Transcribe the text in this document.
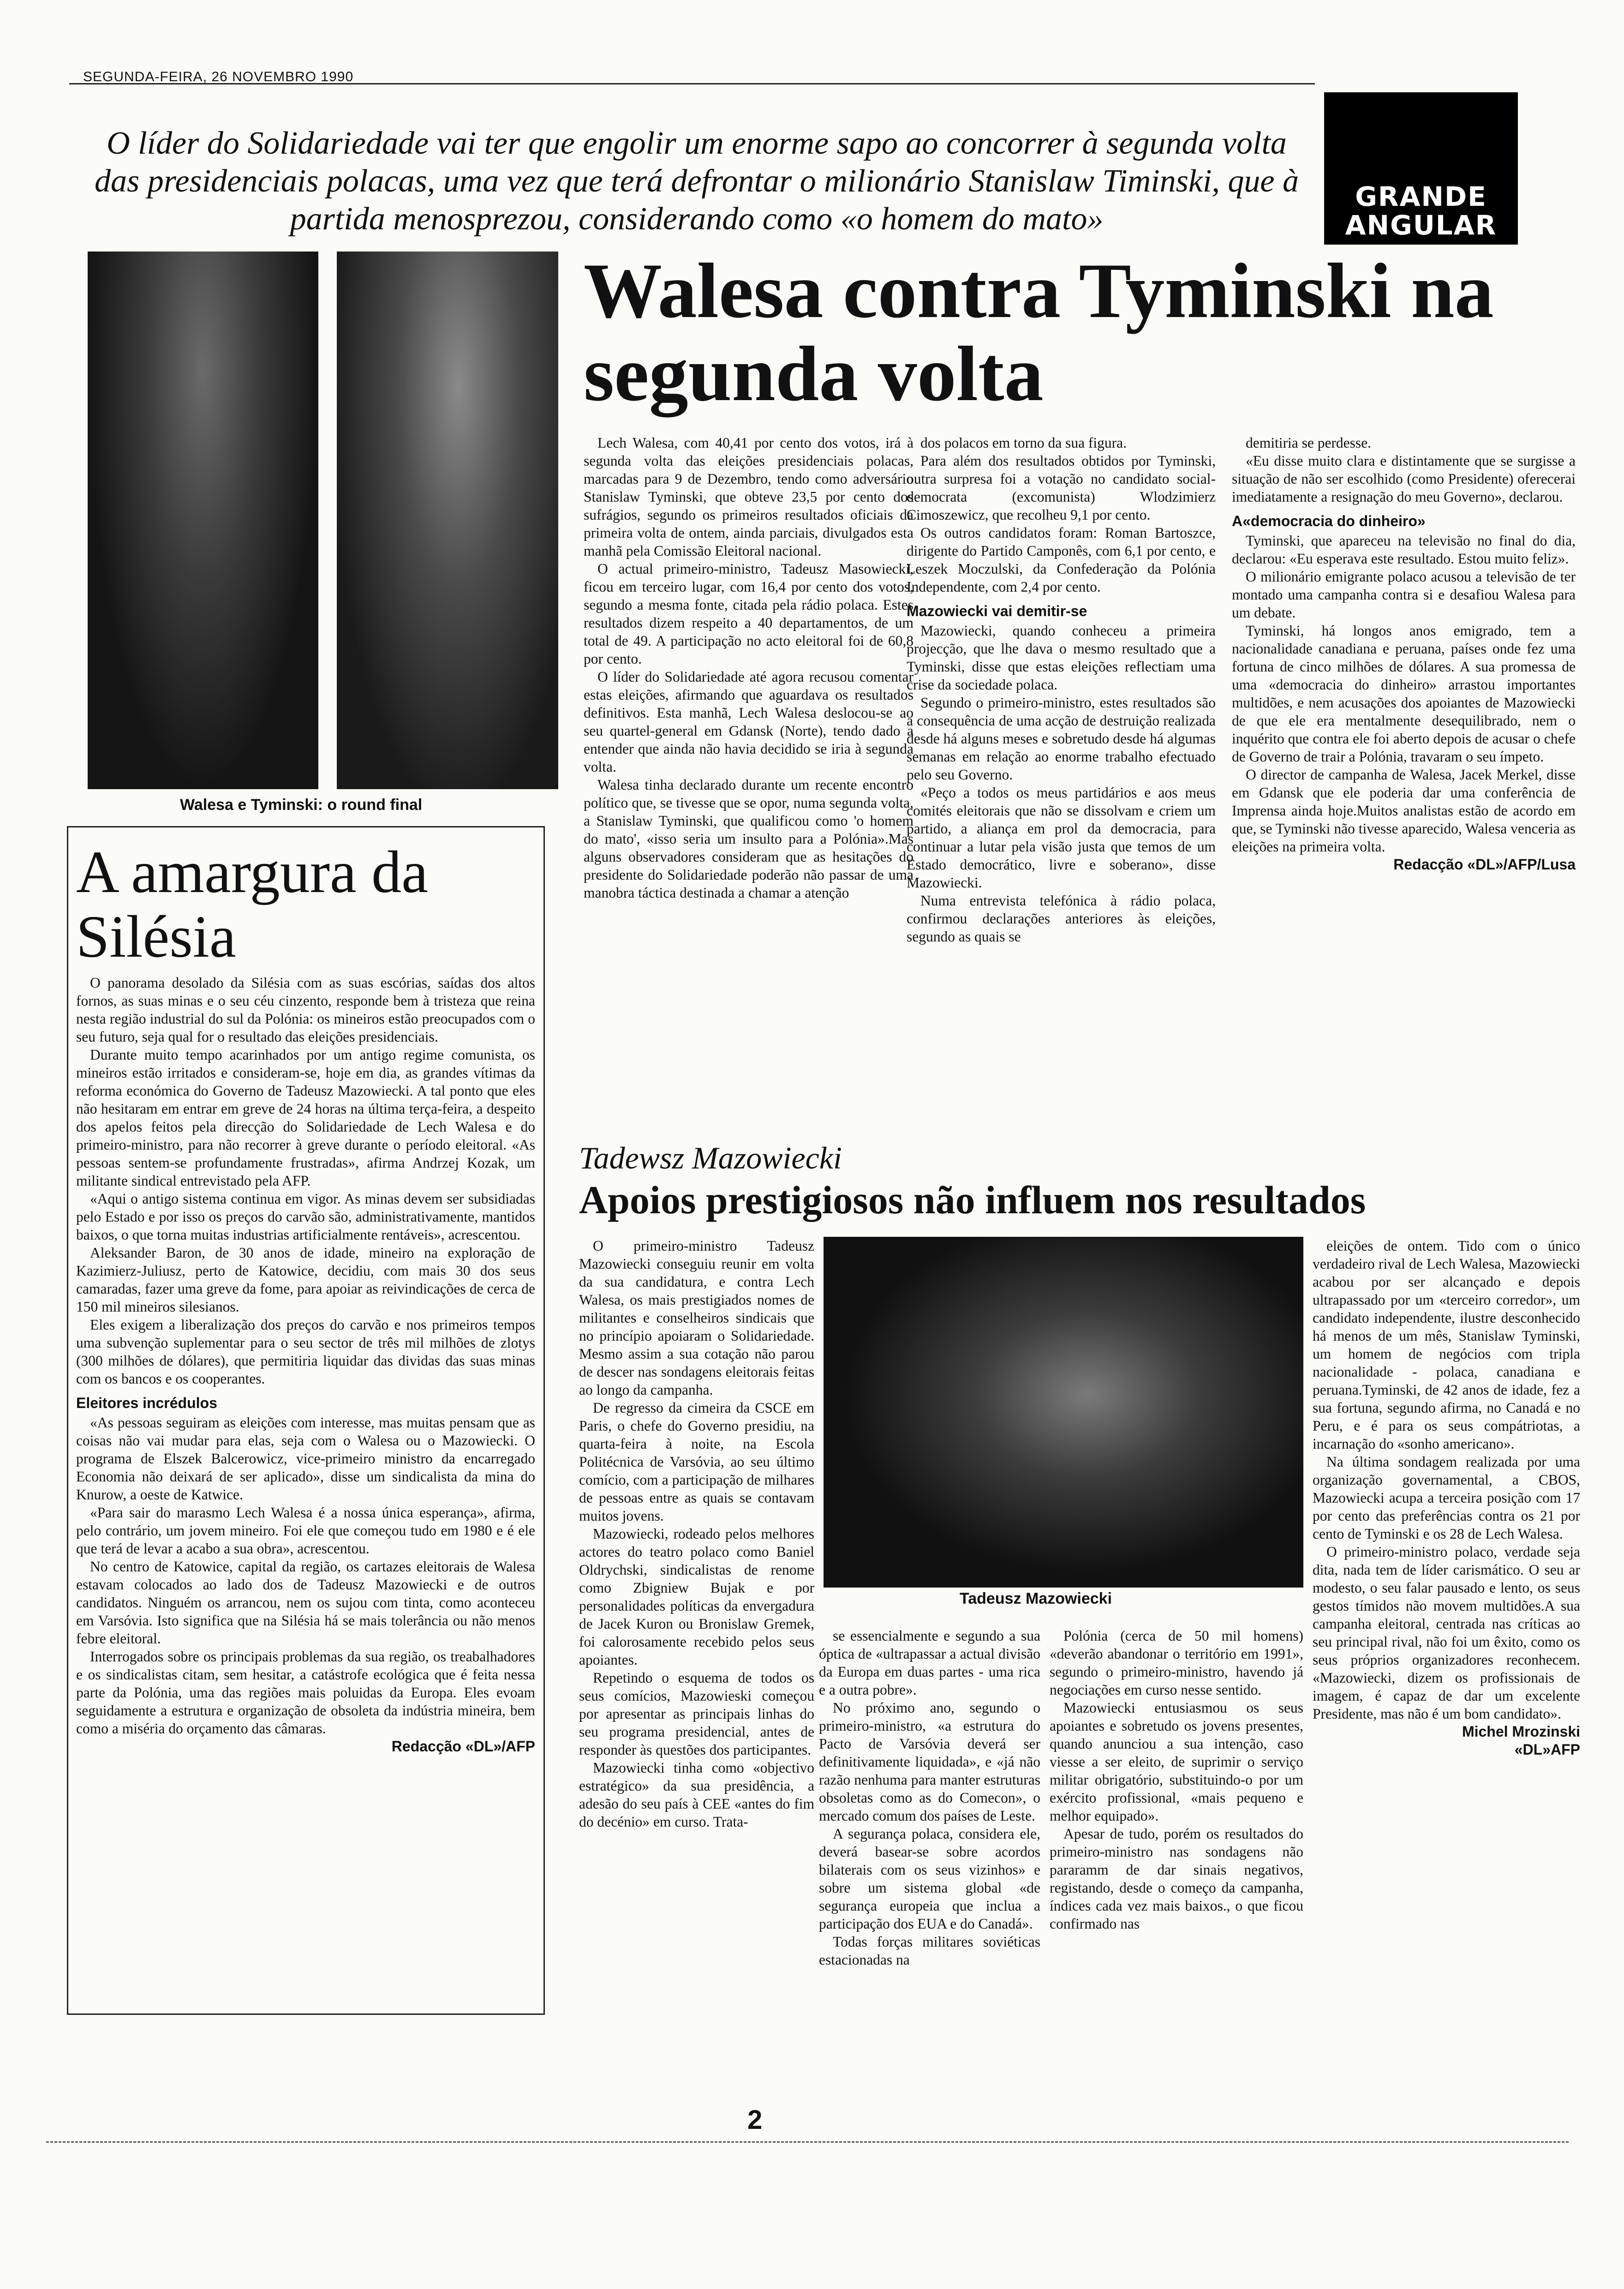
SEGUNDA-FEIRA, 26 NOVEMBRO 1990
O líder do Solidariedade vai ter que engolir um enorme sapo ao concorrer à segunda volta das presidenciais polacas, uma vez que terá defrontar o milionário Stanislaw Timinski, que à partida menosprezou, considerando como «o homem do mato»
GRANDE ANGULAR
Walesa e Tyminski: o round final
Walesa contra Tyminski na segunda volta

Lech Walesa, com 40,41 por cento dos votos, irá à segunda volta das eleições presidenciais polacas, marcadas para 9 de Dezembro, tendo como adversário Stanislaw Tyminski, que obteve 23,5 por cento dos sufrágios, segundo os primeiros resultados oficiais da primeira volta de ontem, ainda parciais, divulgados esta manhã pela Comissão Eleitoral nacional.

O actual primeiro-ministro, Tadeusz Masowiecki, ficou em terceiro lugar, com 16,4 por cento dos votos, segundo a mesma fonte, citada pela rádio polaca. Estes resultados dizem respeito a 40 departamentos, de um total de 49. A participação no acto eleitoral foi de 60,8 por cento.

O líder do Solidariedade até agora recusou comentar estas eleições, afirmando que aguardava os resultados definitivos. Esta manhã, Lech Walesa deslocou-se ao seu quartel-general em Gdansk (Norte), tendo dado a entender que ainda não havia decidido se iria à segunda volta.

Walesa tinha declarado durante um recente encontro político que, se tivesse que se opor, numa segunda volta, a Stanislaw Tyminski, que qualificou como 'o homem do mato', «isso seria um insulto para a Polónia».Mas alguns observadores consideram que as hesitações do presidente do Solidariedade poderão não passar de uma manobra táctica destinada a chamar a atenção

dos polacos em torno da sua figura.

Para além dos resultados obtidos por Tyminski, outra surpresa foi a votação no candidato social-democrata (excomunista) Wlodzimierz Cimoszewicz, que recolheu 9,1 por cento.

Os outros candidatos foram: Roman Bartoszce, dirigente do Partido Camponês, com 6,1 por cento, e Leszek Moczulski, da Confederação da Polónia Independente, com 2,4 por cento.

Mazowiecki vai demitir-se

Mazowiecki, quando conheceu a primeira projecção, que lhe dava o mesmo resultado que a Tyminski, disse que estas eleições reflectiam uma crise da sociedade polaca.

Segundo o primeiro-ministro, estes resultados são a consequência de uma acção de destruição realizada desde há alguns meses e sobretudo desde há algumas semanas em relação ao enorme trabalho efectuado pelo seu Governo.

«Peço a todos os meus partidários e aos meus comités eleitorais que não se dissolvam e criem um partido, a aliança em prol da democracia, para continuar a lutar pela visão justa que temos de um Estado democrático, livre e soberano», disse Mazowiecki.

Numa entrevista telefónica à rádio polaca, confirmou declarações anteriores às eleições, segundo as quais se

demitiria se perdesse.

«Eu disse muito clara e distintamente que se surgisse a situação de não ser escolhido (como Presidente) oferecerai imediatamente a resignação do meu Governo», declarou.

A«democracia do dinheiro»

Tyminski, que apareceu na televisão no final do dia, declarou: «Eu esperava este resultado. Estou muito feliz».

O milionário emigrante polaco acusou a televisão de ter montado uma campanha contra si e desafiou Walesa para um debate.

Tyminski, há longos anos emigrado, tem a nacionalidade canadiana e peruana, países onde fez uma fortuna de cinco milhões de dólares. A sua promessa de uma «democracia do dinheiro» arrastou importantes multidões, e nem acusações dos apoiantes de Mazowiecki de que ele era mentalmente desequilibrado, nem o inquérito que contra ele foi aberto depois de acusar o chefe de Governo de trair a Polónia, travaram o seu ímpeto.

O director de campanha de Walesa, Jacek Merkel, disse em Gdansk que ele poderia dar uma conferência de Imprensa ainda hoje.Muitos analistas estão de acordo em que, se Tyminski não tivesse aparecido, Walesa venceria as eleições na primeira volta.

Redacção «DL»/AFP/Lusa
A amargura da Silésia

O panorama desolado da Silésia com as suas escórias, saídas dos altos fornos, as suas minas e o seu céu cinzento, responde bem à tristeza que reina nesta região industrial do sul da Polónia: os mineiros estão preocupados com o seu futuro, seja qual for o resultado das eleições presidenciais.

Durante muito tempo acarinhados por um antigo regime comunista, os mineiros estão irritados e consideram-se, hoje em dia, as grandes vítimas da reforma económica do Governo de Tadeusz Mazowiecki. A tal ponto que eles não hesitaram em entrar em greve de 24 horas na última terça-feira, a despeito dos apelos feitos pela direcção do Solidariedade de Lech Walesa e do primeiro-ministro, para não recorrer à greve durante o período eleitoral. «As pessoas sentem-se profundamente frustradas», afirma Andrzej Kozak, um militante sindical entrevistado pela AFP.

«Aqui o antigo sistema continua em vigor. As minas devem ser subsidiadas pelo Estado e por isso os preços do carvão são, administrativamente, mantidos baixos, o que torna muitas industrias artificialmente rentáveis», acrescentou.

Aleksander Baron, de 30 anos de idade, mineiro na exploração de Kazimierz-Juliusz, perto de Katowice, decidiu, com mais 30 dos seus camaradas, fazer uma greve da fome, para apoiar as reivindicações de cerca de 150 mil mineiros silesianos.

Eles exigem a liberalização dos preços do carvão e nos primeiros tempos uma subvenção suplementar para o seu sector de três mil milhões de zlotys (300 milhões de dólares), que permitiria liquidar das dividas das suas minas com os bancos e os cooperantes.

Eleitores incrédulos

«As pessoas seguiram as eleições com interesse, mas muitas pensam que as coisas não vai mudar para elas, seja com o Walesa ou o Mazowiecki. O programa de Elszek Balcerowicz, vice-primeiro ministro da encarregado Economia não deixará de ser aplicado», disse um sindicalista da mina do Knurow, a oeste de Katwice.

«Para sair do marasmo Lech Walesa é a nossa única esperança», afirma, pelo contrário, um jovem mineiro. Foi ele que começou tudo em 1980 e é ele que terá de levar a acabo a sua obra», acrescentou.

No centro de Katowice, capital da região, os cartazes eleitorais de Walesa estavam colocados ao lado dos de Tadeusz Mazowiecki e de outros candidatos. Ninguém os arrancou, nem os sujou com tinta, como aconteceu em Varsóvia. Isto significa que na Silésia há se mais tolerância ou não menos febre eleitoral.

Interrogados sobre os principais problemas da sua região, os treabalhadores e os sindicalistas citam, sem hesitar, a catástrofe ecológica que é feita nessa parte da Polónia, uma das regiões mais poluidas da Europa. Eles evoam seguidamente a estrutura e organização de obsoleta da indústria mineira, bem como a miséria do orçamento das câmaras.

Redacção «DL»/AFP
Tadewsz Mazowiecki
Apoios prestigiosos não influem nos resultados

O primeiro-ministro Tadeusz Mazowiecki conseguiu reunir em volta da sua candidatura, e contra Lech Walesa, os mais prestigiados nomes de militantes e conselheiros sindicais que no princípio apoiaram o Solidariedade. Mesmo assim a sua cotação não parou de descer nas sondagens eleitorais feitas ao longo da campanha.

De regresso da cimeira da CSCE em Paris, o chefe do Governo presidiu, na quarta-feira à noite, na Escola Politécnica de Varsóvia, ao seu último comício, com a participação de milhares de pessoas entre as quais se contavam muitos jovens.

Mazowiecki, rodeado pelos melhores actores do teatro polaco como Baniel Oldrychski, sindicalistas de renome como Zbigniew Bujak e por personalidades políticas da envergadura de Jacek Kuron ou Bronislaw Gremek, foi calorosamente recebido pelos seus apoiantes.

Repetindo o esquema de todos os seus comícios, Mazowieski começou por apresentar as principais linhas do seu programa presidencial, antes de responder às questões dos participantes.

Mazowiecki tinha como «objectivo estratégico» da sua presidência, a adesão do seu país à CEE «antes do fim do decénio» em curso. Trata-

Tadeusz Mazowiecki

se essencialmente e segundo a sua óptica de «ultrapassar a actual divisão da Europa em duas partes - uma rica e a outra pobre».

No próximo ano, segundo o primeiro-ministro, «a estrutura do Pacto de Varsóvia deverá ser definitivamente liquidada», e «já não razão nenhuma para manter estruturas obsoletas como as do Comecon», o mercado comum dos países de Leste.

A segurança polaca, considera ele, deverá basear-se sobre acordos bilaterais com os seus vizinhos» e sobre um sistema global «de segurança europeia que inclua a participação dos EUA e do Canadá».

Todas forças militares soviéticas estacionadas na

Polónia (cerca de 50 mil homens) «deverão abandonar o território em 1991», segundo o primeiro-ministro, havendo já negociações em curso nesse sentido.

Mazowiecki entusiasmou os seus apoiantes e sobretudo os jovens presentes, quando anunciou a sua intenção, caso viesse a ser eleito, de suprimir o serviço militar obrigatório, substituindo-o por um exército profissional, «mais pequeno e melhor equipado».

Apesar de tudo, porém os resultados do primeiro-ministro nas sondagens não pararamm de dar sinais negativos, registando, desde o começo da campanha, índices cada vez mais baixos., o que ficou confirmado nas

eleições de ontem. Tido com o único verdadeiro rival de Lech Walesa, Mazowiecki acabou por ser alcançado e depois ultrapassado por um «terceiro corredor», um candidato independente, ilustre desconhecido há menos de um mês, Stanislaw Tyminski, um homem de negócios com tripla nacionalidade - polaca, canadiana e peruana.Tyminski, de 42 anos de idade, fez a sua fortuna, segundo afirma, no Canadá e no Peru, e é para os seus compátriotas, a incarnação do «sonho americano».

Na última sondagem realizada por uma organização governamental, a CBOS, Mazowiecki acupa a terceira posição com 17 por cento das preferências contra os 21 por cento de Tyminski e os 28 de Lech Walesa.

O primeiro-ministro polaco, verdade seja dita, nada tem de líder carismático. O seu ar modesto, o seu falar pausado e lento, os seus gestos tímidos não movem multidões.A sua campanha eleitoral, centrada nas críticas ao seu principal rival, não foi um êxito, como os seus próprios organizadores reconhecem. «Mazowiecki, dizem os profissionais de imagem, é capaz de dar um excelente Presidente, mas não é um bom candidato».

Michel Mrozinski
«DL»AFP
2
